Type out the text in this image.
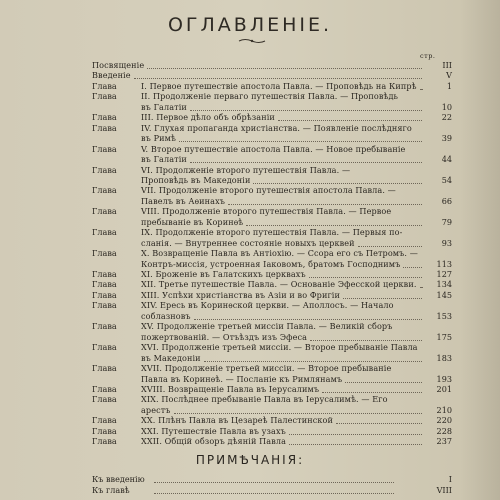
ОГЛАВЛЕНІЕ.
стр.
Посвященіе	III
Введеніе	V
Глава	I. Первое путешествіе апостола Павла. — Проповѣдь на Кипрѣ	1
Глава	II. Продолженіе перваго путешествія Павла. — Проповѣдь
въ Галатіи	10
Глава	III. Первое дѣло объ обрѣзаніи	22
Глава	IV. Глухая пропаганда христіанства. — Появленіе послѣдняго
въ Римѣ	39
Глава	V. Второе путешествіе апостола Павла. — Новое пребываніе
въ Галатіи	44
Глава	VI. Продолженіе второго путешествія Павла. —
Проповѣдь въ Македоніи	54
Глава	VII. Продолженіе второго путешествія апостола Павла. —
Павелъ въ Аѳинахъ	66
Глава	VIII. Продолженіе второго путешествія Павла. — Первое
пребываніе въ Коринѳѣ	79
Глава	IX. Продолженіе второго путешествія Павла. — Первыя по-
сланія. — Внутреннее состояніе новыхъ церквей	93
Глава	X. Возвращеніе Павла въ Антіохію. — Ссора его съ Петромъ. —
Контръ-миссія, устроенная Іаковомъ, братомъ Господнимъ	113
Глава	XI. Броженіе въ Галатскихъ церквахъ	127
Глава	XII. Третье путешествіе Павла. — Основаніе Эфесской церкви.	134
Глава	XIII. Успѣхи христіанства въ Азіи и во Фригіи	145
Глава	XIV. Ересь въ Коринѳской церкви. — Аполлосъ. — Начало
соблазновъ	153
Глава	XV. Продолженіе третьей миссіи Павла. — Великій сборъ
пожертвованій. — Отъѣздъ изъ Эфеса	175
Глава	XVI. Продолженіе третьей миссіи. — Второе пребываніе Павла
въ Македоніи	183
Глава	XVII. Продолженіе третьей миссіи. — Второе пребываніе
Павла въ Коринѳѣ. — Посланіе къ Римлянамъ	193
Глава	XVIII. Возвращеніе Павла въ Іерусалимъ	201
Глава	XIX. Послѣднее пребываніе Павла въ Іерусалимѣ. — Его
арестъ	210
Глава	XX. Плѣнъ Павла въ Цезареѣ Палестинской	220
Глава	XXI. Путешествіе Павла въ узахъ	228
Глава	XXII. Общій обзоръ дѣяній Павла	237
ПРИМѢЧАНІЯ:
Къ введенію	I
Къ главѣ	VIII
